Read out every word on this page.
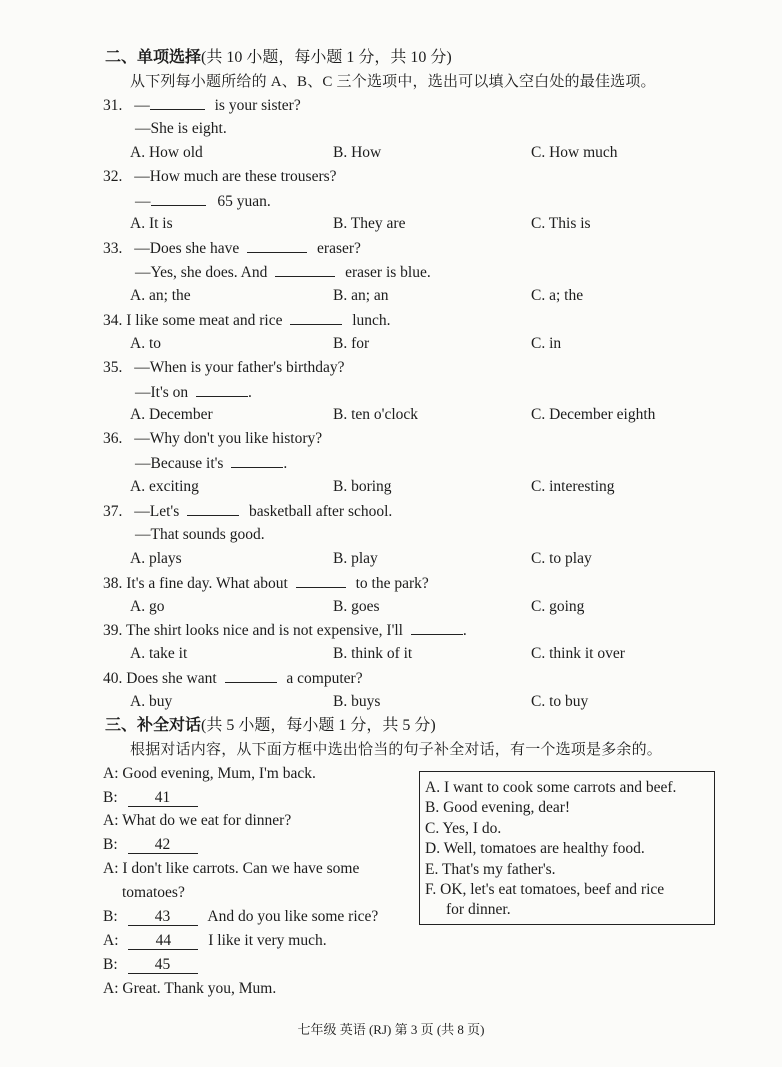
二、单项选择(共 10 小题，每小题 1 分，共 10 分)
从下列每小题所给的 A、B、C 三个选项中，选出可以填入空白处的最佳选项。
31. —	is your sister?
—She is eight.
A. How old	B. How	C. How much
32. —How much are these trousers?
—	65 yuan.
A. It is	B. They are	C. This is
33. —Does she have	eraser?
—Yes, she does. And	eraser is blue.
A. an; the	B. an; an	C. a; the
34. I like some meat and rice	lunch.
A. to	B. for	C. in
35. —When is your father's birthday?
—It's on	.
A. December	B. ten o'clock	C. December eighth
36. —Why don't you like history?
—Because it's	.
A. exciting	B. boring	C. interesting
37. —Let's	basketball after school.
—That sounds good.
A. plays	B. play	C. to play
38. It's a fine day. What about	to the park?
A. go	B. goes	C. going
39. The shirt looks nice and is not expensive, I'll	.
A. take it	B. think of it	C. think it over
40. Does she want	a computer?
A. buy	B. buys	C. to buy
三、补全对话(共 5 小题，每小题 1 分，共 5 分)
根据对话内容，从下面方框中选出恰当的句子补全对话，有一个选项是多余的。
A: Good evening, Mum, I'm back.
B: 41
A: What do we eat for dinner?
B: 42
A: I don't like carrots. Can we have some
tomatoes?
B: 43 And do you like some rice?
A: 44 I like it very much.
B: 45
A: Great. Thank you, Mum.
A. I want to cook some carrots and beef.
B. Good evening, dear!
C. Yes, I do.
D. Well, tomatoes are healthy food.
E. That's my father's.
F. OK, let's eat tomatoes, beef and rice
for dinner.
七年级 英语 (RJ) 第 3 页 (共 8 页)
